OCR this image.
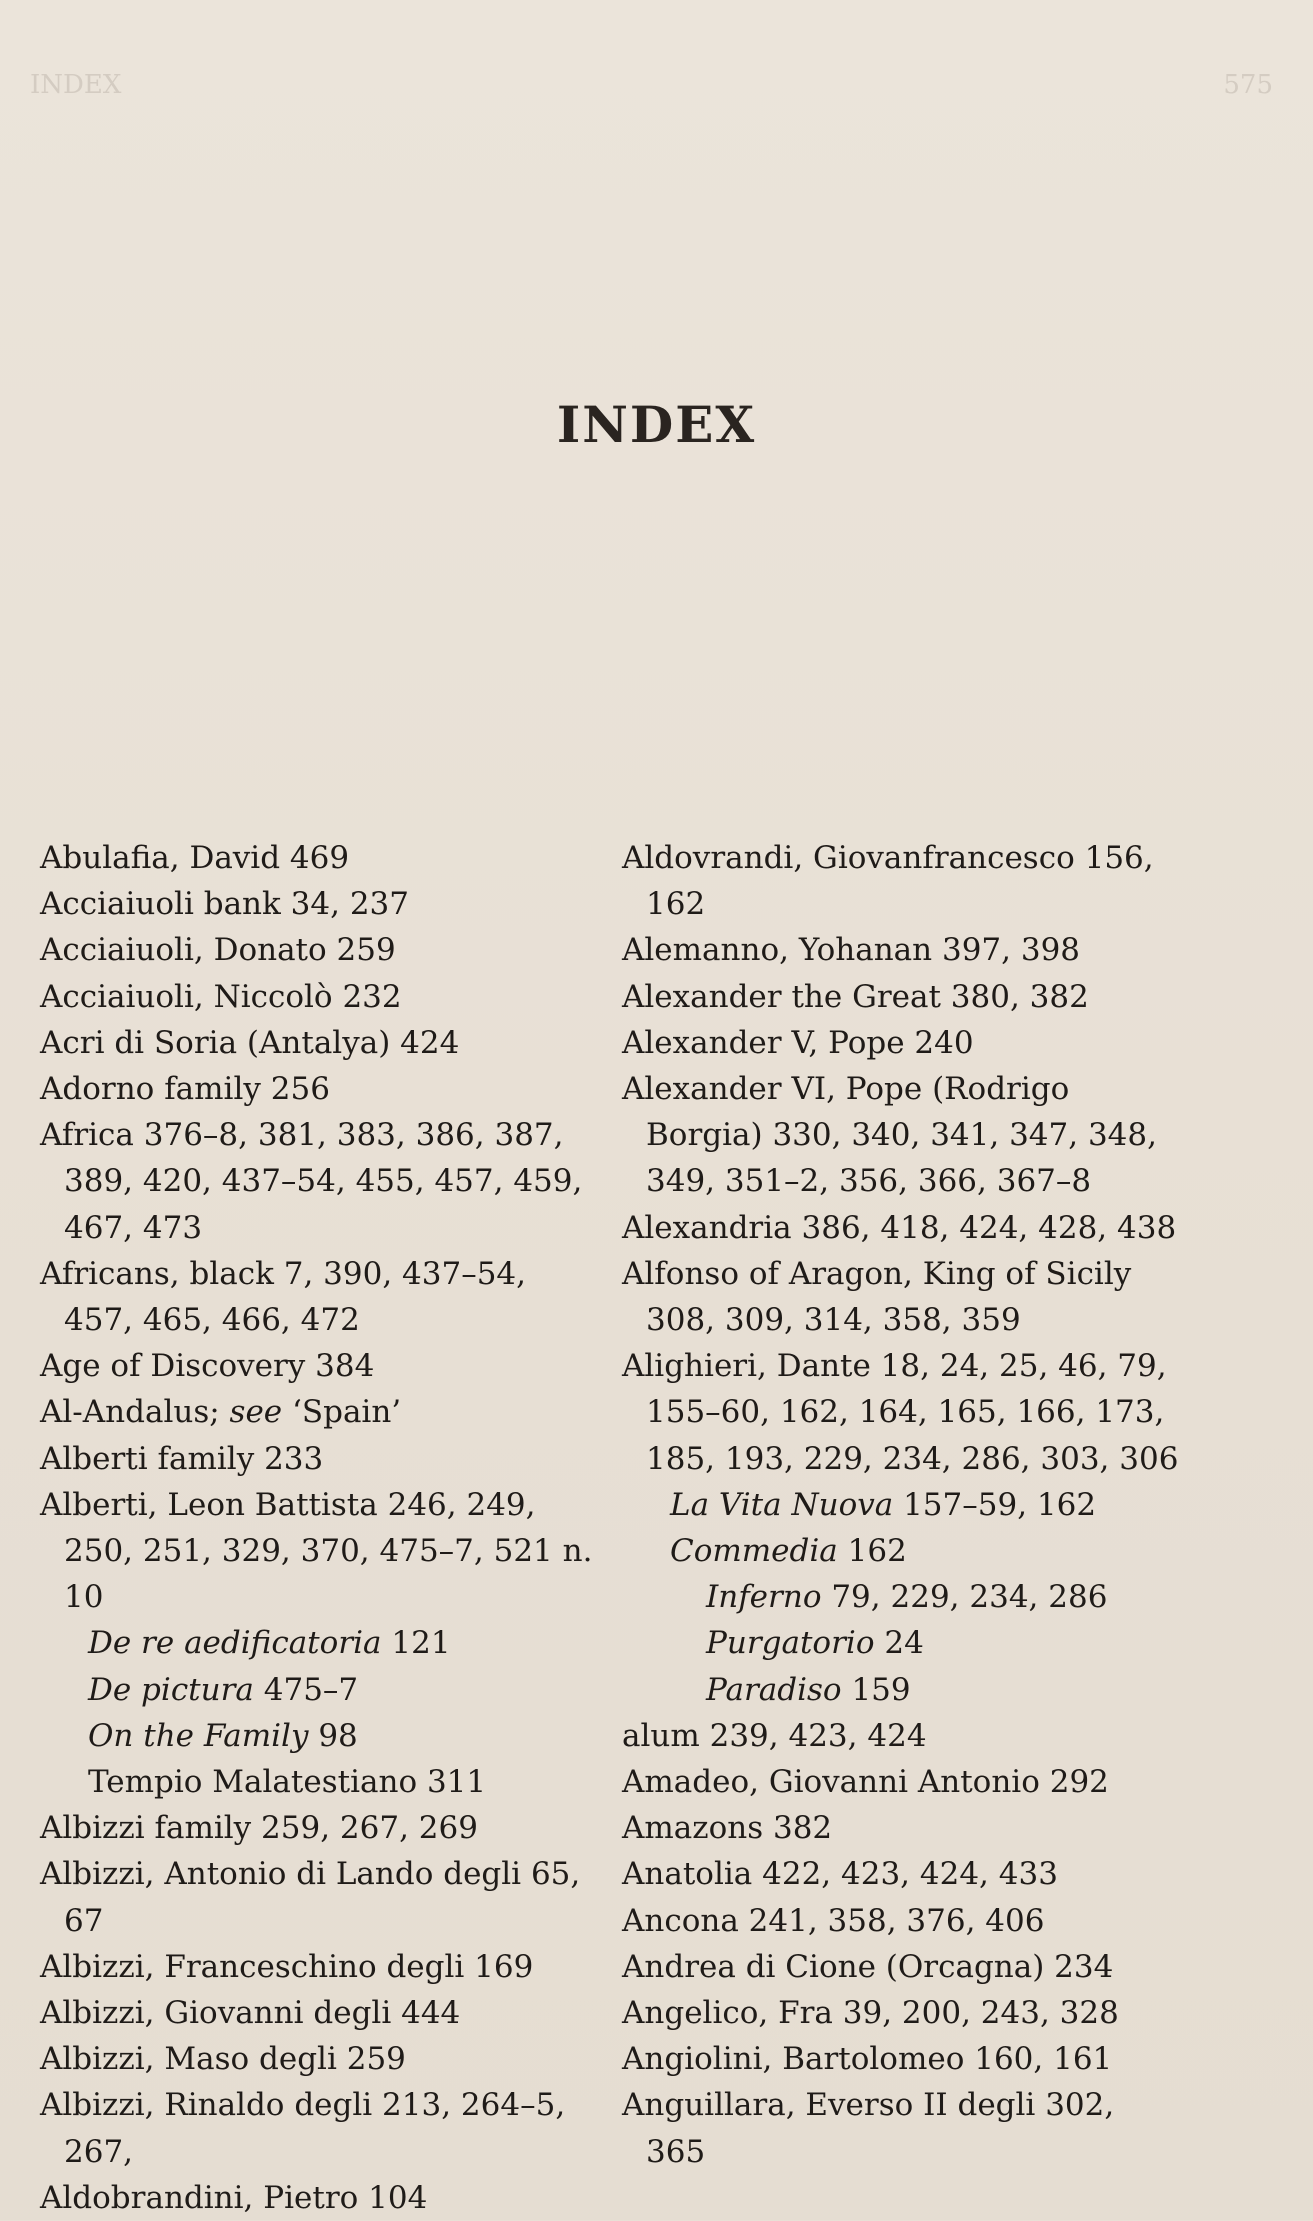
INDEX	575
INDEX
Abulafia, David 469
Acciaiuoli bank 34, 237
Acciaiuoli, Donato 259
Acciaiuoli, Niccolò 232
Acri di Soria (Antalya) 424
Adorno family 256
Africa 376–8, 381, 383, 386, 387, 389, 420, 437–54, 455, 457, 459, 467, 473
Africans, black 7, 390, 437–54, 457, 465, 466, 472
Age of Discovery 384
Al-Andalus; see ‘Spain’
Alberti family 233
Alberti, Leon Battista 246, 249, 250, 251, 329, 370, 475–7, 521 n. 10
De re aedificatoria 121
De pictura 475–7
On the Family 98
Tempio Malatestiano 311
Albizzi family 259, 267, 269
Albizzi, Antonio di Lando degli 65, 67
Albizzi, Franceschino degli 169
Albizzi, Giovanni degli 444
Albizzi, Maso degli 259
Albizzi, Rinaldo degli 213, 264–5, 267,
Aldobrandini, Pietro 104
Aldovrandi, Giovanfrancesco 156, 162
Alemanno, Yohanan 397, 398
Alexander the Great 380, 382
Alexander V, Pope 240
Alexander VI, Pope (Rodrigo Borgia) 330, 340, 341, 347, 348, 349, 351–2, 356, 366, 367–8
Alexandria 386, 418, 424, 428, 438
Alfonso of Aragon, King of Sicily 308, 309, 314, 358, 359
Alighieri, Dante 18, 24, 25, 46, 79, 155–60, 162, 164, 165, 166, 173, 185, 193, 229, 234, 286, 303, 306
La Vita Nuova 157–59, 162
Commedia 162
Inferno 79, 229, 234, 286
Purgatorio 24
Paradiso 159
alum 239, 423, 424
Amadeo, Giovanni Antonio 292
Amazons 382
Anatolia 422, 423, 424, 433
Ancona 241, 358, 376, 406
Andrea di Cione (Orcagna) 234
Angelico, Fra 39, 200, 243, 328
Angiolini, Bartolomeo 160, 161
Anguillara, Everso II degli 302, 365
